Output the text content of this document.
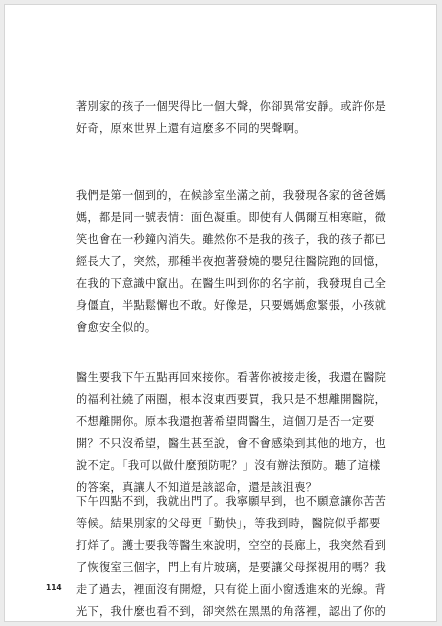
著別家的孩子一個哭得比一個大聲，你卻異常安靜。或許你是
好奇，原來世界上還有這麼多不同的哭聲啊。
我們是第一個到的，在候診室坐滿之前，我發現各家的爸爸媽
媽，都是同一號表情：面色凝重。即使有人偶爾互相寒暄，微
笑也會在一秒鐘內消失。雖然你不是我的孩子，我的孩子都已
經長大了，突然，那種半夜抱著發燒的嬰兒往醫院跑的回憶，
在我的下意識中竄出。在醫生叫到你的名字前，我發現自己全
身僵直，半點鬆懈也不敢。好像是，只要媽媽愈緊張，小孩就
會愈安全似的。
醫生要我下午五點再回來接你。看著你被接走後，我還在醫院
的福利社繞了兩圈，根本沒東西要買，我只是不想離開醫院，
不想離開你。原本我還抱著希望問醫生，這個刀是否一定要
開？不只沒希望，醫生甚至說，會不會感染到其他的地方，也
說不定。「我可以做什麼預防呢？」沒有辦法預防。聽了這樣
的答案，真讓人不知道是該認命，還是該沮喪？
下午四點不到，我就出門了。我寧願早到，也不願意讓你苦苦
等候。結果別家的父母更「勤快」，等我到時，醫院似乎都要
打烊了。護士要我等醫生來說明，空空的長廊上，我突然看到
了恢復室三個字，門上有片玻璃，是要讓父母探視用的嗎？我
走了過去，裡面沒有開燈，只有從上面小窗透進來的光線。背
光下，我什麼也看不到，卻突然在黑黑的角落裡，認出了你的
114
